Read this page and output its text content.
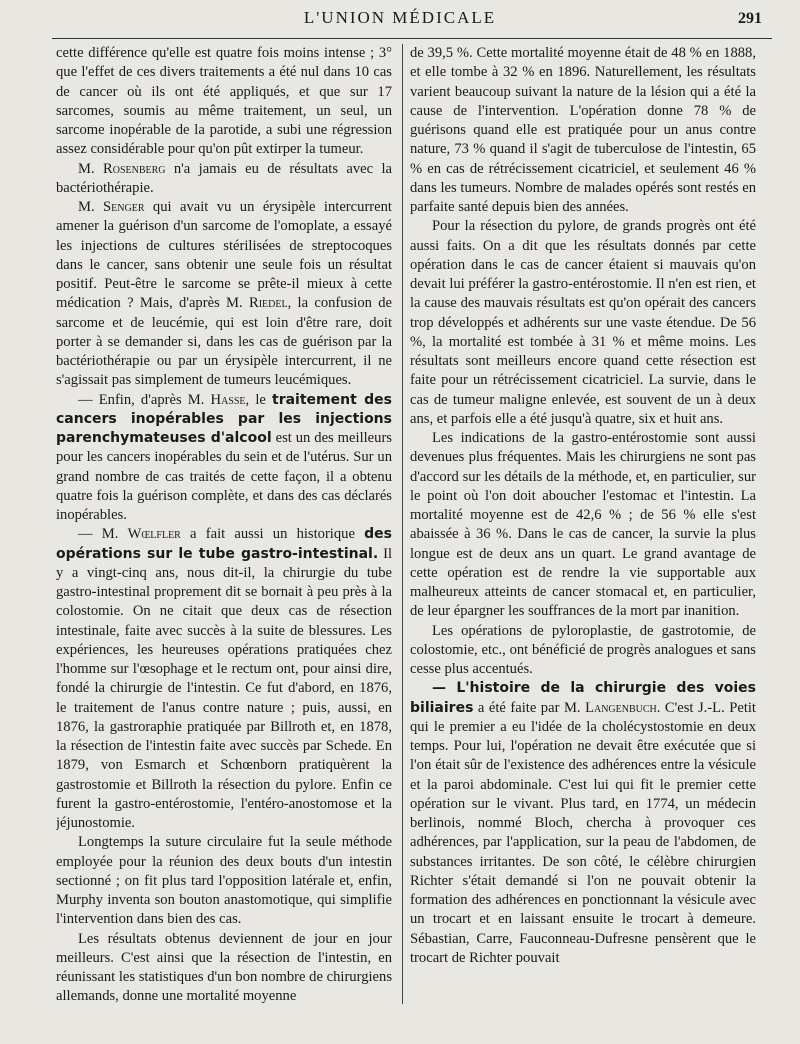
L'UNION MÉDICALE	291

cette différence qu'elle est quatre fois moins intense ; 3° que l'effet de ces divers traitements a été nul dans 10 cas de cancer où ils ont été appliqués, et que sur 17 sarcomes, soumis au même traitement, un seul, un sarcome inopérable de la parotide, a subi une régression assez considérable pour qu'on pût extirper la tumeur.

M. Rosenberg n'a jamais eu de résultats avec la bactériothérapie.

M. Senger qui avait vu un érysipèle intercurrent amener la guérison d'un sarcome de l'omoplate, a essayé les injections de cultures stérilisées de streptocoques dans le cancer, sans obtenir une seule fois un résultat positif. Peut-être le sarcome se prête-il mieux à cette médication ? Mais, d'après M. Riedel, la confusion de sarcome et de leucémie, qui est loin d'être rare, doit porter à se demander si, dans les cas de guérison par la bactériothérapie ou par un érysipèle intercurrent, il ne s'agissait pas simplement de tumeurs leucémiques.

— Enfin, d'après M. Hasse, le traitement des cancers inopérables par les injections parenchymateuses d'alcool est un des meilleurs pour les cancers inopérables du sein et de l'utérus. Sur un grand nombre de cas traités de cette façon, il a obtenu quatre fois la guérison complète, et dans des cas déclarés inopérables.

— M. Wœlfler a fait aussi un historique des opérations sur le tube gastro-intestinal. Il y a vingt-cinq ans, nous dit-il, la chirurgie du tube gastro-intestinal proprement dit se bornait à peu près à la colostomie. On ne citait que deux cas de résection intestinale, faite avec succès à la suite de blessures. Les expériences, les heureuses opérations pratiquées chez l'homme sur l'œsophage et le rectum ont, pour ainsi dire, fondé la chirurgie de l'intestin. Ce fut d'abord, en 1876, le traitement de l'anus contre nature ; puis, aussi, en 1876, la gastroraphie pratiquée par Billroth et, en 1878, la résection de l'intestin faite avec succès par Schede. En 1879, von Esmarch et Schœnborn pratiquèrent la gastrostomie et Billroth la résection du pylore. Enfin ce furent la gastro-entérostomie, l'entéro-anostomose et la jéjunostomie.

Longtemps la suture circulaire fut la seule méthode employée pour la réunion des deux bouts d'un intestin sectionné ; on fit plus tard l'opposition latérale et, enfin, Murphy inventa son bouton anastomotique, qui simplifie l'intervention dans bien des cas.

Les résultats obtenus deviennent de jour en jour meilleurs. C'est ainsi que la résection de l'intestin, en réunissant les statistiques d'un bon nombre de chirurgiens allemands, donne une mortalité moyenne

de 39,5 %. Cette mortalité moyenne était de 48 % en 1888, et elle tombe à 32 % en 1896. Naturellement, les résultats varient beaucoup suivant la nature de la lésion qui a été la cause de l'intervention. L'opération donne 78 % de guérisons quand elle est pratiquée pour un anus contre nature, 73 % quand il s'agit de tuberculose de l'intestin, 65 % en cas de rétrécissement cicatriciel, et seulement 46 % dans les tumeurs. Nombre de malades opérés sont restés en parfaite santé depuis bien des années.

Pour la résection du pylore, de grands progrès ont été aussi faits. On a dit que les résultats donnés par cette opération dans le cas de cancer étaient si mauvais qu'on devait lui préférer la gastro-entérostomie. Il n'en est rien, et la cause des mauvais résultats est qu'on opérait des cancers trop développés et adhérents sur une vaste étendue. De 56 %, la mortalité est tombée à 31 % et même moins. Les résultats sont meilleurs encore quand cette résection est faite pour un rétrécissement cicatriciel. La survie, dans le cas de tumeur maligne enlevée, est souvent de un à deux ans, et parfois elle a été jusqu'à quatre, six et huit ans.

Les indications de la gastro-entérostomie sont aussi devenues plus fréquentes. Mais les chirurgiens ne sont pas d'accord sur les détails de la méthode, et, en particulier, sur le point où l'on doit aboucher l'estomac et l'intestin. La mortalité moyenne est de 42,6 % ; de 56 % elle s'est abaissée à 36 %. Dans le cas de cancer, la survie la plus longue est de deux ans un quart. Le grand avantage de cette opération est de rendre la vie supportable aux malheureux atteints de cancer stomacal et, en particulier, de leur épargner les souffrances de la mort par inanition.

Les opérations de pyloroplastie, de gastrotomie, de colostomie, etc., ont bénéficié de progrès analogues et sans cesse plus accentués.

— L'histoire de la chirurgie des voies biliaires a été faite par M. Langenbuch. C'est J.-L. Petit qui le premier a eu l'idée de la cholécystostomie en deux temps. Pour lui, l'opération ne devait être exécutée que si l'on était sûr de l'existence des adhérences entre la vésicule et la paroi abdominale. C'est lui qui fit le premier cette opération sur le vivant. Plus tard, en 1774, un médecin berlinois, nommé Bloch, chercha à provoquer ces adhérences, par l'application, sur la peau de l'abdomen, de substances irritantes. De son côté, le célèbre chirurgien Richter s'était demandé si l'on ne pouvait obtenir la formation des adhérences en ponctionnant la vésicule avec un trocart et en laissant ensuite le trocart à demeure. Sébastian, Carre, Fauconneau-Dufresne pensèrent que le trocart de Richter pouvait
